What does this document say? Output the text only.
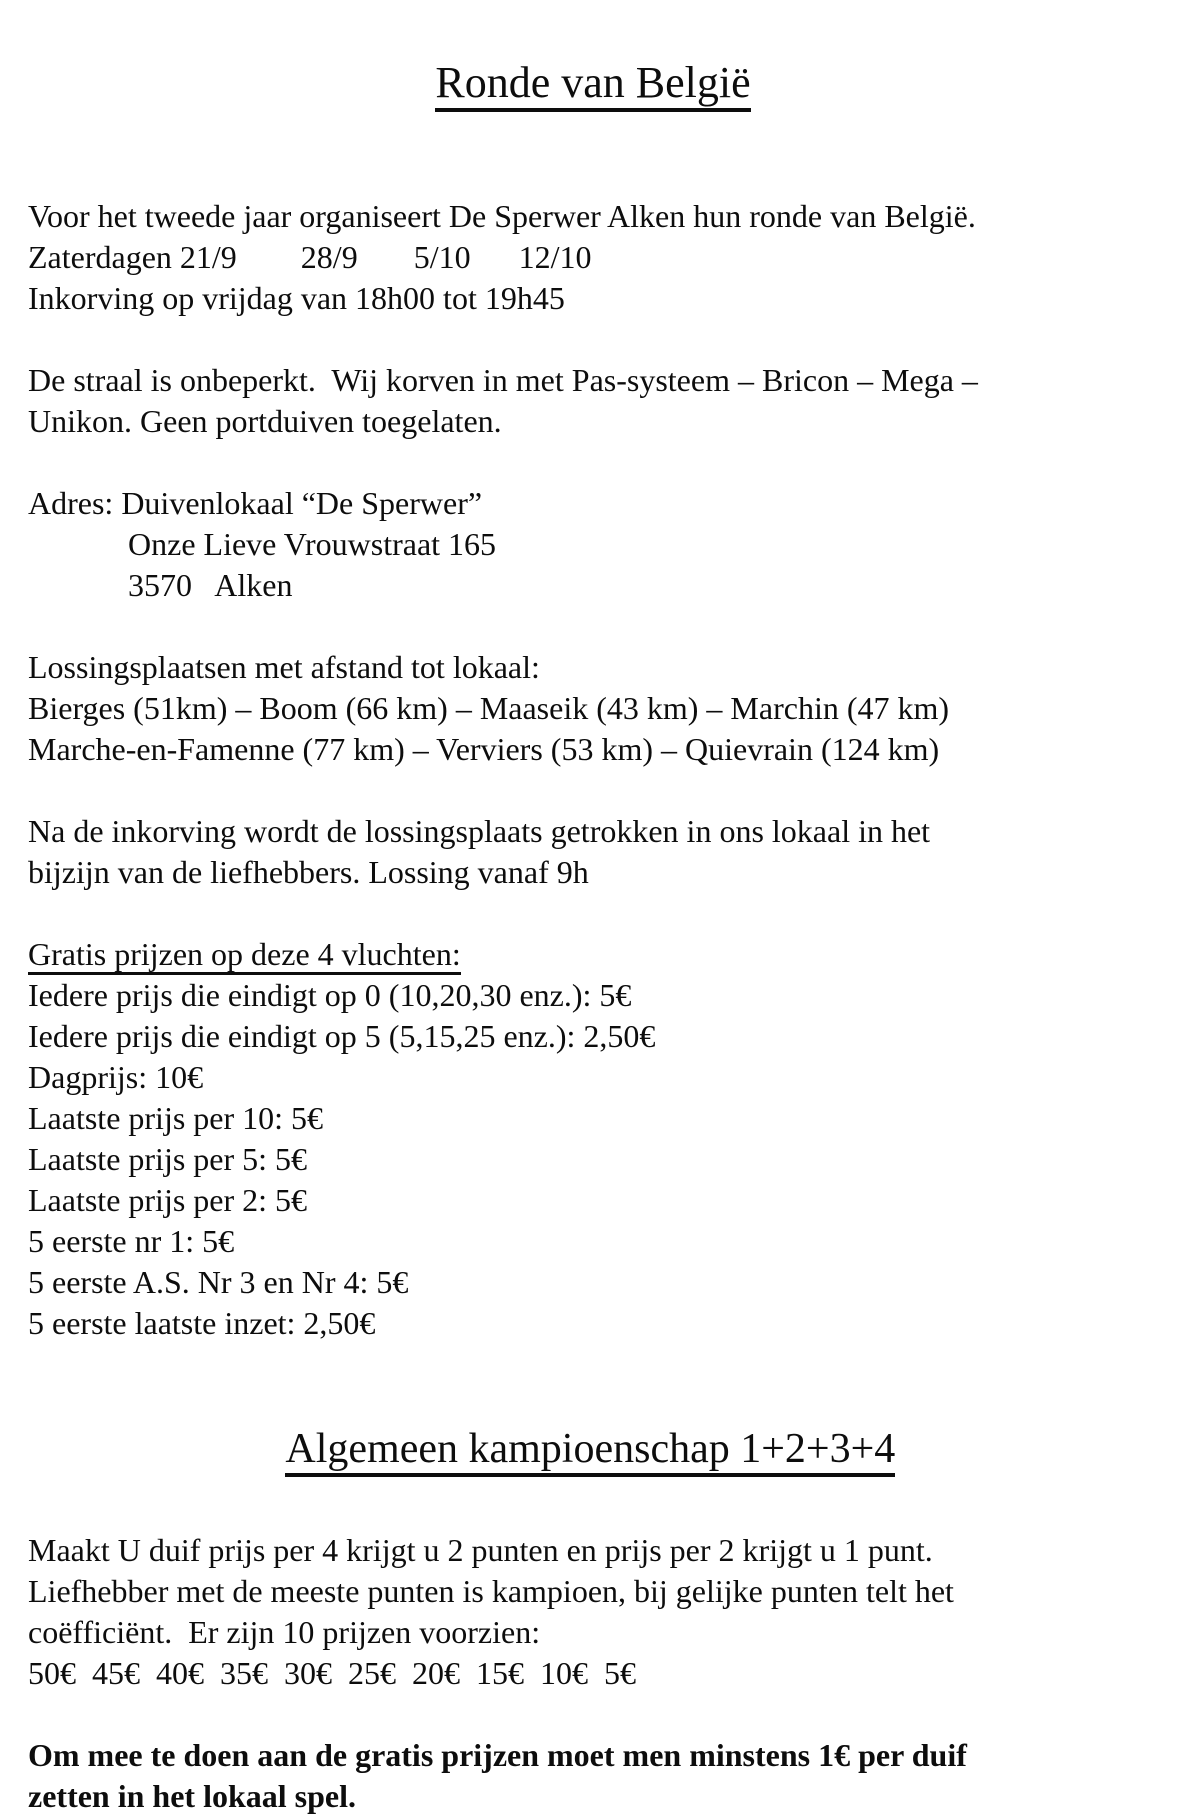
Ronde van België

Voor het tweede jaar organiseert De Sperwer Alken hun ronde van België.
Zaterdagen 21/9        28/9       5/10      12/10
Inkorving op vrijdag van 18h00 tot 19h45
De straal is onbeperkt.  Wij korven in met Pas-systeem – Bricon – Mega –
Unikon. Geen portduiven toegelaten.
Adres: Duivenlokaal “De Sperwer”
Onze Lieve Vrouwstraat 165
3570   Alken
Lossingsplaatsen met afstand tot lokaal:
Bierges (51km) – Boom (66 km) – Maaseik (43 km) – Marchin (47 km)
Marche-en-Famenne (77 km) – Verviers (53 km) – Quievrain (124 km)
Na de inkorving wordt de lossingsplaats getrokken in ons lokaal in het
bijzijn van de liefhebbers. Lossing vanaf 9h
Gratis prijzen op deze 4 vluchten:
Iedere prijs die eindigt op 0 (10,20,30 enz.): 5€
Iedere prijs die eindigt op 5 (5,15,25 enz.): 2,50€
Dagprijs: 10€
Laatste prijs per 10: 5€
Laatste prijs per 5: 5€
Laatste prijs per 2: 5€
5 eerste nr 1: 5€
5 eerste A.S. Nr 3 en Nr 4: 5€
5 eerste laatste inzet: 2,50€

Algemeen kampioenschap 1+2+3+4

Maakt U duif prijs per 4 krijgt u 2 punten en prijs per 2 krijgt u 1 punt.
Liefhebber met de meeste punten is kampioen, bij gelijke punten telt het
coëfficiënt.  Er zijn 10 prijzen voorzien:
50€  45€  40€  35€  30€  25€  20€  15€  10€  5€
Om mee te doen aan de gratis prijzen moet men minstens 1€ per duif
zetten in het lokaal spel.
